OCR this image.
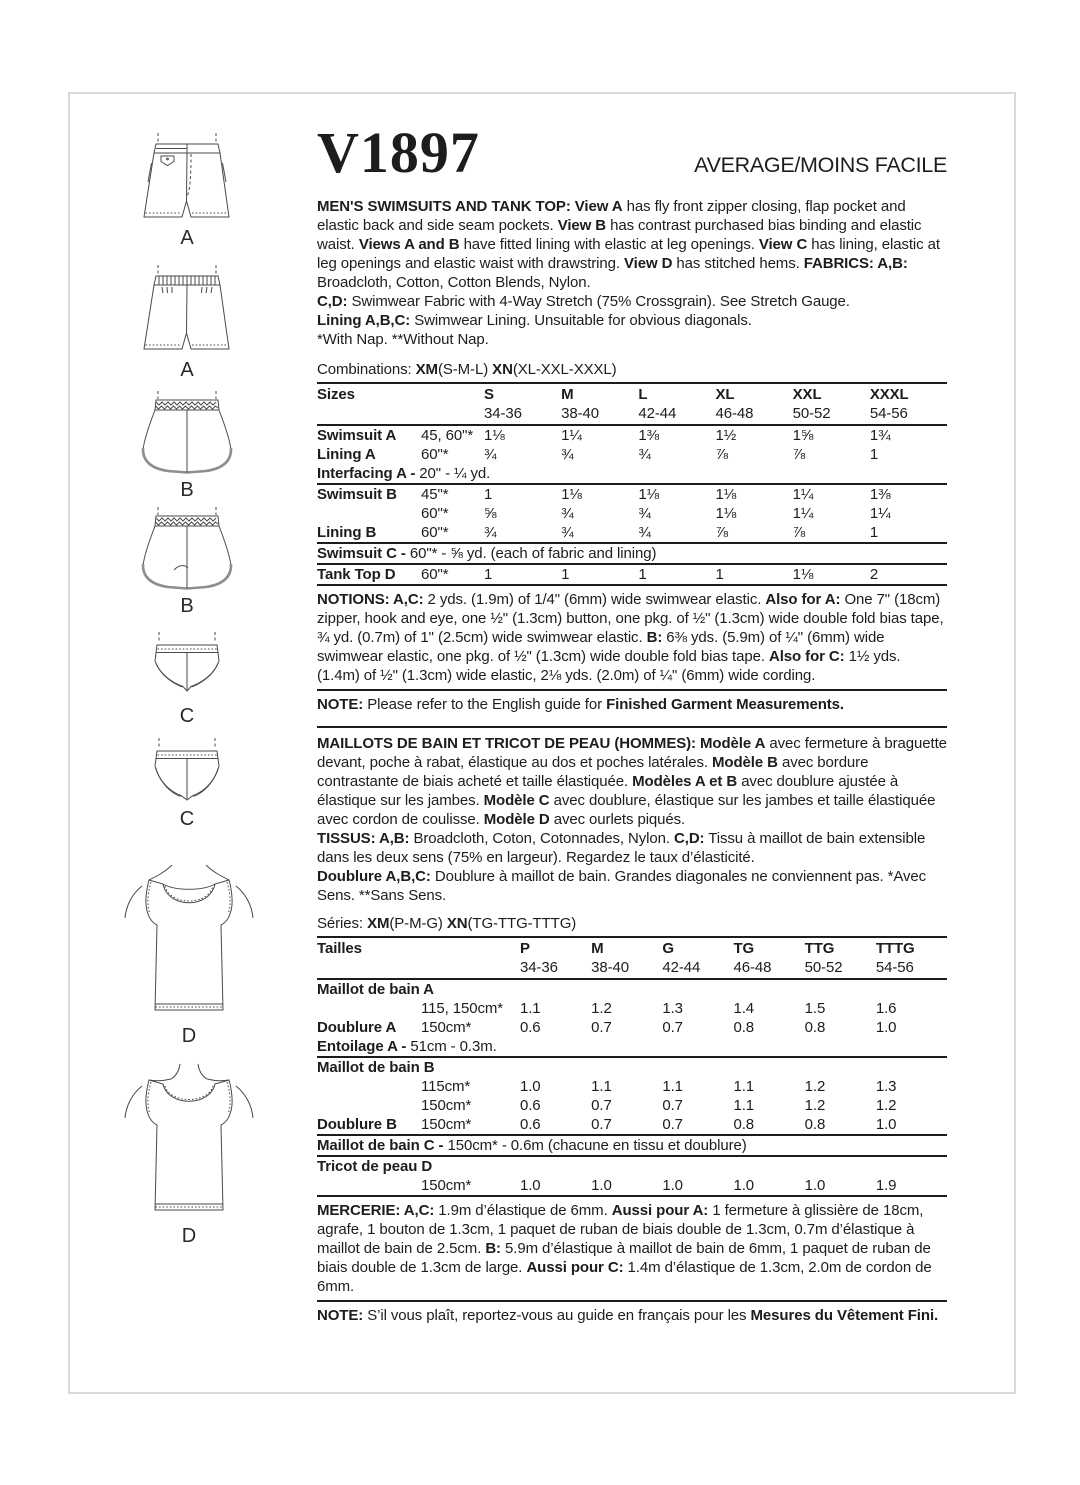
A
A
B
B
C
C
D
D
V1897	AVERAGE/MOINS FACILE

MEN'S SWIMSUITS AND TANK TOP: View A has fly front zipper closing, flap pocket and elastic back and side seam pockets. View B has contrast purchased bias binding and elastic waist. Views A and B have fitted lining with elastic at leg openings. View C has lining, elastic at leg openings and elastic waist with drawstring. View D has stitched hems. FABRICS: A,B: Broadcloth, Cotton, Cotton Blends, Nylon.
C,D: Swimwear Fabric with 4-Way Stretch (75% Crossgrain). See Stretch Gauge.
Lining A,B,C: Swimwear Lining. Unsuitable for obvious diagonals.
*With Nap. **Without Nap.

Combinations: XM(S-M-L) XN(XL-XXL-XXXL)

Sizes	S	M	L	XL	XXL	XXXL
34-36	38-40	42-44	46-48	50-52	54-56
Swimsuit A	45, 60"* 1⅛	1¼	1⅜	1½	1⅝	1¾
Lining A	60"*	¾	¾	¾	⅞	⅞	1
Interfacing A - 20" - ¼ yd.
Swimsuit B	45"*	1	1⅛	1⅛	1⅛	1¼	1⅜
60"*	⅝	¾	¾	1⅛	1¼	1¼
Lining B	60"*	¾	¾	¾	⅞	⅞	1
Swimsuit C - 60"* - ⅝ yd. (each of fabric and lining)
Tank Top D	60"*	1	1	1	1	1⅛	2

NOTIONS: A,C: 2 yds. (1.9m) of 1/4" (6mm) wide swimwear elastic. Also for A: One 7" (18cm) zipper, hook and eye, one ½" (1.3cm) button, one pkg. of ½" (1.3cm) wide double fold bias tape, ¾ yd. (0.7m) of 1" (2.5cm) wide swimwear elastic. B: 6⅜ yds. (5.9m) of ¼" (6mm) wide swimwear elastic, one pkg. of ½" (1.3cm) wide double fold bias tape. Also for C: 1½ yds. (1.4m) of ½" (1.3cm) wide elastic, 2⅛ yds. (2.0m) of ¼" (6mm) wide cording.

NOTE: Please refer to the English guide for Finished Garment Measurements.

MAILLOTS DE BAIN ET TRICOT DE PEAU (HOMMES): Modèle A avec fermeture à braguette devant, poche à rabat, élastique au dos et poches latérales. Modèle B avec bordure contrastante de biais acheté et taille élastiquée. Modèles A et B avec doublure ajustée à élastique sur les jambes. Modèle C avec doublure, élastique sur les jambes et taille élastiquée avec cordon de coulisse. Modèle D avec ourlets piqués.
TISSUS: A,B: Broadcloth, Coton, Cotonnades, Nylon. C,D: Tissu à maillot de bain extensible dans les deux sens (75% en largeur). Regardez le taux d’élasticité.
Doublure A,B,C: Doublure à maillot de bain. Grandes diagonales ne conviennent pas. *Avec Sens. **Sans Sens.

Séries: XM(P-M-G) XN(TG-TTG-TTTG)

Tailles	P	M	G	TG	TTG	TTTG
34-36	38-40	42-44	46-48	50-52	54-56
Maillot de bain A
115, 150cm*	1.1	1.2	1.3	1.4	1.5	1.6
Doublure A	150cm*	0.6	0.7	0.7	0.8	0.8	1.0
Entoilage A - 51cm - 0.3m.
Maillot de bain B
115cm*	1.0	1.1	1.1	1.1	1.2	1.3
150cm*	0.6	0.7	0.7	1.1	1.2	1.2
Doublure B	150cm*	0.6	0.7	0.7	0.8	0.8	1.0
Maillot de bain C - 150cm* - 0.6m (chacune en tissu et doublure)
Tricot de peau D
150cm*	1.0	1.0	1.0	1.0	1.0	1.9

MERCERIE: A,C: 1.9m d’élastique de 6mm. Aussi pour A: 1 fermeture à glissière de 18cm, agrafe, 1 bouton de 1.3cm, 1 paquet de ruban de biais double de 1.3cm, 0.7m d’élastique à maillot de bain de 2.5cm. B: 5.9m d’élastique à maillot de bain de 6mm, 1 paquet de ruban de biais double de 1.3cm de large. Aussi pour C: 1.4m d’élastique de 1.3cm, 2.0m de cordon de 6mm.

NOTE: S’il vous plaît, reportez-vous au guide en français pour les Mesures du Vêtement Fini.
